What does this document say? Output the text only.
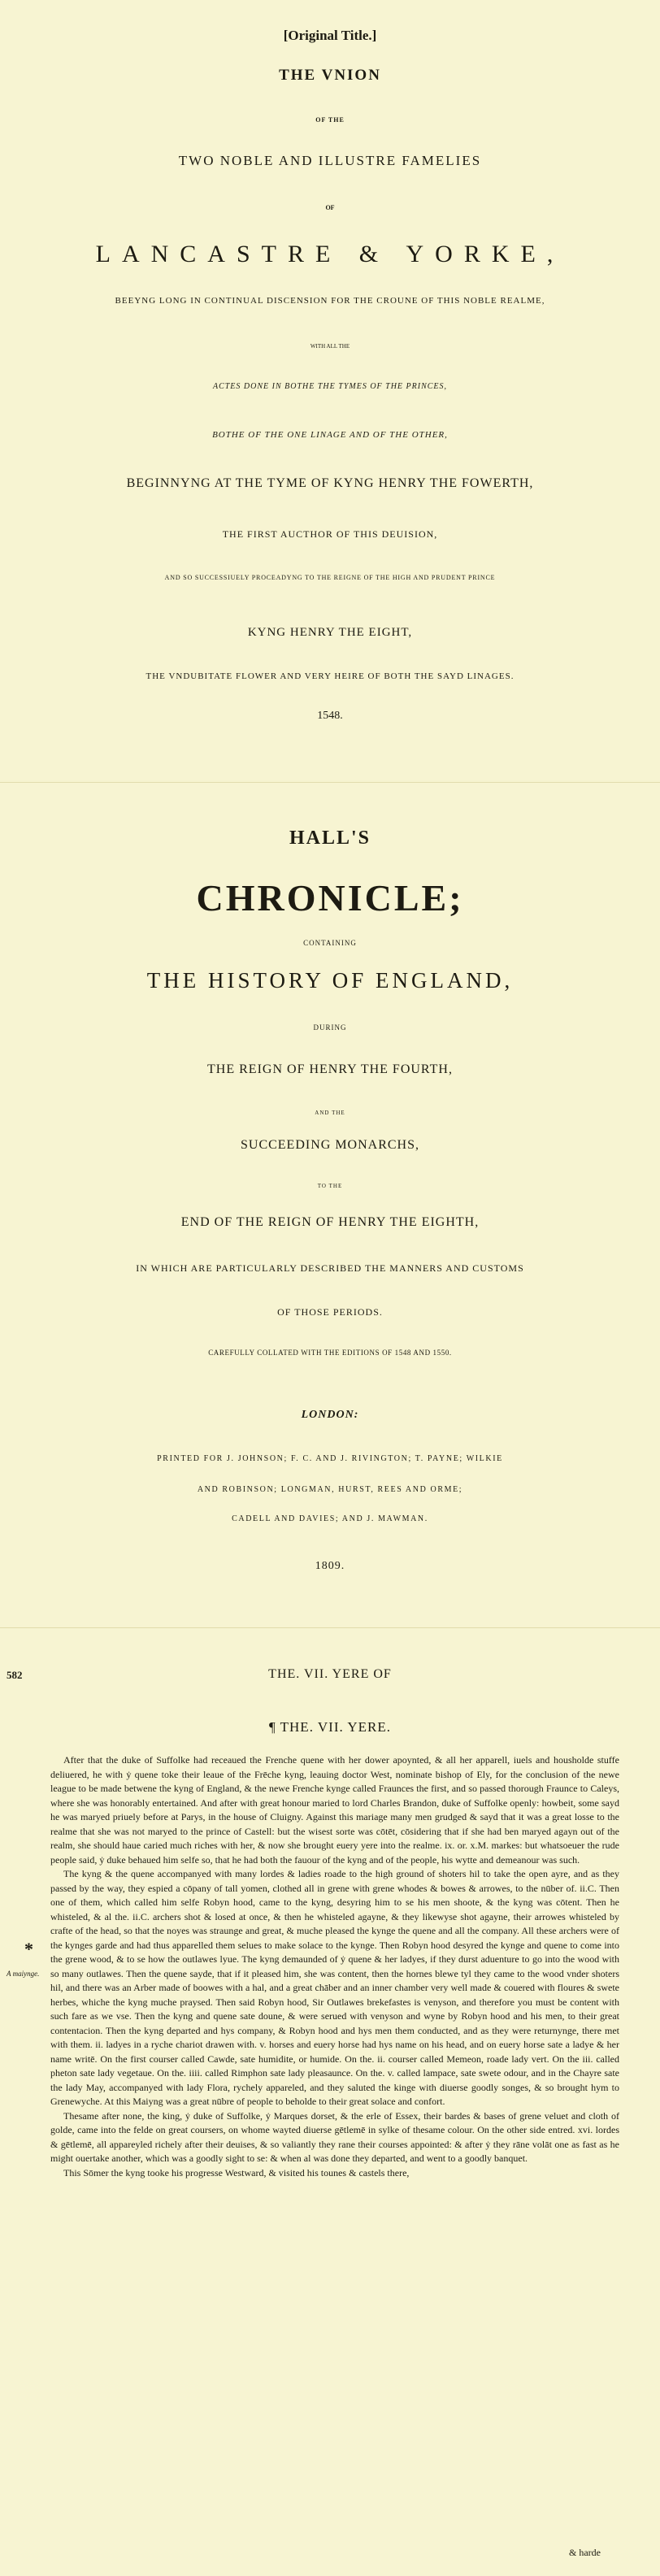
[Original Title.]
THE VNION
OF THE
TWO NOBLE AND ILLUSTRE FAMELIES
OF
LANCASTRE & YORKE,
BEEYNG LONG IN CONTINUAL DISCENSION FOR THE CROUNE OF THIS NOBLE REALME,
WITH ALL THE
ACTES DONE IN BOTHE THE TYMES OF THE PRINCES,
BOTHE OF THE ONE LINAGE AND OF THE OTHER,
BEGINNYNG AT THE TYME OF KYNG HENRY THE FOWERTH,
THE FIRST AUCTHOR OF THIS DEUISION,
AND SO SUCCESSIUELY PROCEADYNG TO THE REIGNE OF THE HIGH AND PRUDENT PRINCE
KYNG HENRY THE EIGHT,
THE VNDUBITATE FLOWER AND VERY HEIRE OF BOTH THE SAYD LINAGES.
1548.
HALL'S
CHRONICLE;
CONTAINING
THE HISTORY OF ENGLAND,
DURING
THE REIGN OF HENRY THE FOURTH,
AND THE
SUCCEEDING MONARCHS,
TO THE
END OF THE REIGN OF HENRY THE EIGHTH,
IN WHICH ARE PARTICULARLY DESCRIBED THE MANNERS AND CUSTOMS
OF THOSE PERIODS.
CAREFULLY COLLATED WITH THE EDITIONS OF 1548 AND 1550.
LONDON:
PRINTED FOR J. JOHNSON; F. C. AND J. RIVINGTON; T. PAYNE; WILKIE
AND ROBINSON; LONGMAN, HURST, REES AND ORME;
CADELL AND DAVIES; AND J. MAWMAN.
1809.
582	THE. VII. YERE OF
¶ THE. VII. YERE.
*
A maiynge.

After that the duke of Suffolke had receaued the Frenche quene with her dower apoynted, & all her apparell, iuels and housholde stuffe deliuered, he with ẏ quene toke their leaue of the Frēche kyng, leauing doctor West, nominate bishop of Ely, for the conclusion of the newe league to be made betwene the kyng of England, & the newe Frenche kynge called Fraunces the first, and so passed thorough Fraunce to Caleys, where she was honorably entertained. And after with great honour maried to lord Charles Brandon, duke of Suffolke openly: howbeit, some sayd he was maryed priuely before at Parys, in the house of Cluigny. Against this mariage many men grudged & sayd that it was a great losse to the realme that she was not maryed to the prince of Castell: but the wisest sorte was cōtēt, cōsidering that if she had ben maryed agayn out of the realm, she should haue caried much riches with her, & now she brought euery yere into the realme. ix. or. x.M. markes: but whatsoeuer the rude people said, ẏ duke behaued him selfe so, that he had both the fauour of the kyng and of the people, his wytte and demeanour was such.

The kyng & the quene accompanyed with many lordes & ladies roade to the high ground of shoters hil to take the open ayre, and as they passed by the way, they espied a cōpany of tall yomen, clothed all in grene with grene whodes & bowes & arrowes, to the nūber of. ii.C. Then one of them, which called him selfe Robyn hood, came to the kyng, desyring him to se his men shoote, & the kyng was cōtent. Then he whisteled, & al the. ii.C. archers shot & losed at once, & then he whisteled agayne, & they likewyse shot agayne, their arrowes whisteled by crafte of the head, so that the noyes was straunge and great, & muche pleased the kynge the quene and all the company. All these archers were of the kynges garde and had thus apparelled them selues to make solace to the kynge. Then Robyn hood desyred the kynge and quene to come into the grene wood, & to se how the outlawes lyue. The kyng demaunded of ẏ quene & her ladyes, if they durst aduenture to go into the wood with so many outlawes. Then the quene sayde, that if it pleased him, she was content, then the hornes blewe tyl they came to the wood vnder shoters hil, and there was an Arber made of boowes with a hal, and a great chāber and an inner chamber very well made & couered with floures & swete herbes, whiche the kyng muche praysed. Then said Robyn hood, Sir Outlawes brekefastes is venyson, and therefore you must be content with such fare as we vse. Then the kyng and quene sate doune, & were serued with venyson and wyne by Robyn hood and his men, to their great contentacion. Then the kyng departed and hys company, & Robyn hood and hys men them conducted, and as they were returnynge, there met with them. ii. ladyes in a ryche chariot drawen with. v. horses and euery horse had hys name on his head, and on euery horse sate a ladye & her name writē. On the first courser called Cawde, sate humidite, or humide. On the. ii. courser called Memeon, roade lady vert. On the iii. called pheton sate lady vegetaue. On the. iiii. called Rimphon sate lady pleasaunce. On the. v. called lampace, sate swete odour, and in the Chayre sate the lady May, accompanyed with lady Flora, rychely appareled, and they saluted the kinge with diuerse goodly songes, & so brought hym to Grenewyche. At this Maiyng was a great nūbre of people to beholde to their great solace and confort.

Thesame after none, the king, ẏ duke of Suffolke, ẏ Marques dorset, & the erle of Essex, their bardes & bases of grene veluet and cloth of golde, came into the felde on great coursers, on whome wayted diuerse gētlemē in sylke of thesame colour. On the other side entred. xvi. lordes & gētlemē, all appareyled richely after their deuises, & so valiantly they rane their courses appointed: & after ẏ they rāne volāt one as fast as he might ouertake another, which was a goodly sight to se: & when al was done they departed, and went to a goodly banquet.

This Sōmer the kyng tooke his progresse Westward, & visited his tounes & castels there,

& harde
